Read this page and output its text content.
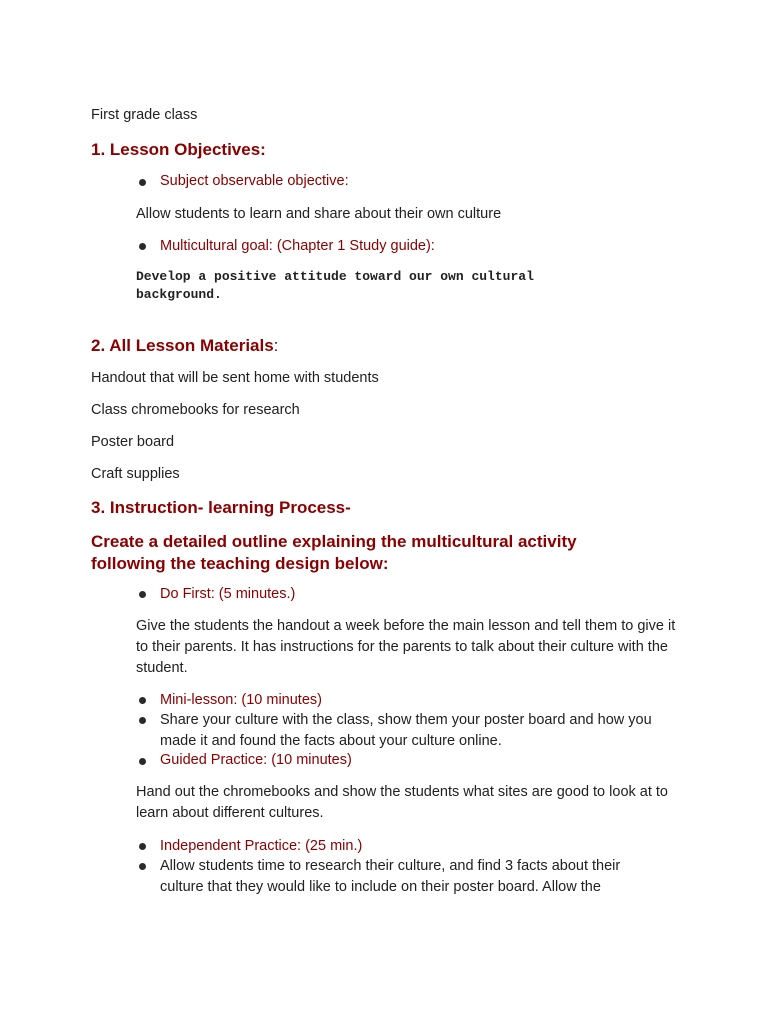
First grade class
1. Lesson Objectives:
Subject observable objective:
Allow students to learn and share about their own culture
Multicultural goal: (Chapter 1 Study guide):
Develop a positive attitude toward our own cultural background.
2. All Lesson Materials:
Handout that will be sent home with students
Class chromebooks for research
Poster board
Craft supplies
3. Instruction- learning Process-
Create a detailed outline explaining the multicultural activity following the teaching design below:
Do First: (5 minutes.)
Give the students the handout a week before the main lesson and tell them to give it to their parents. It has instructions for the parents to talk about their culture with the student.
Mini-lesson: (10 minutes)
Share your culture with the class, show them your poster board and how you made it and found the facts about your culture online.
Guided Practice: (10 minutes)
Hand out the chromebooks and show the students what sites are good to look at to learn about different cultures.
Independent Practice: (25 min.)
Allow students time to research their culture, and find 3 facts about their culture that they would like to include on their poster board. Allow the
